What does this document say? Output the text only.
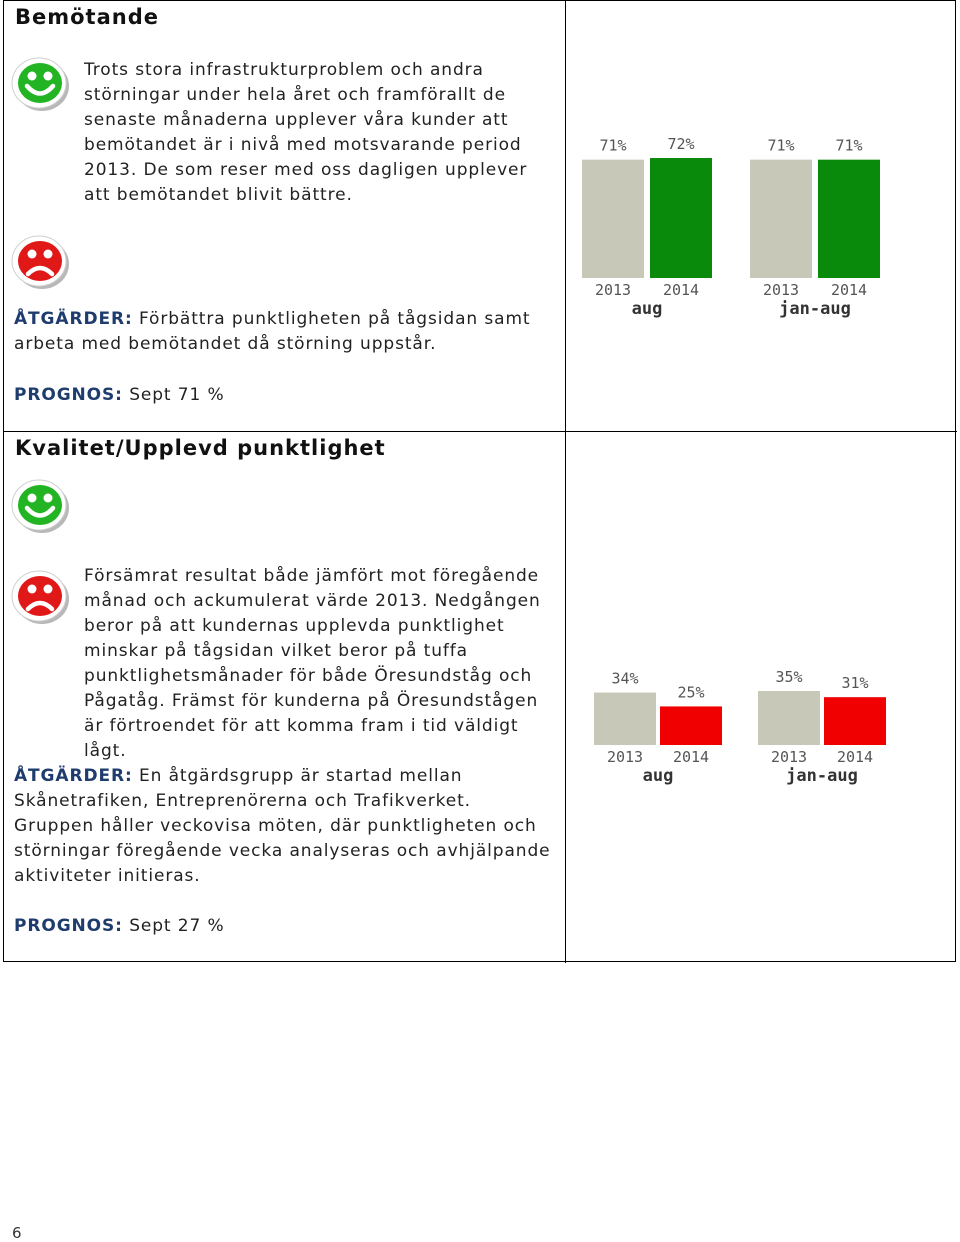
Bemötande

Trots stora infrastrukturproblem och andra störningar under hela året och framförallt de senaste månaderna upplever våra kunder att bemötandet är i nivå med motsvarande period 2013. De som reser med oss dagligen upplever att bemötandet blivit bättre.

ÅTGÄRDER: Förbättra punktligheten på tågsidan samt arbeta med bemötandet då störning uppstår.

PROGNOS: Sept 71 %

Kvalitet/Upplevd punktlighet

Försämrat resultat både jämfört mot föregående månad och ackumulerat värde 2013. Nedgången beror på att kundernas upplevda punktlighet minskar på tågsidan vilket beror på tuffa punktlighetsmånader för både Öresundståg och Pågatåg. Främst för kunderna på Öresundstågen är förtroendet för att komma fram i tid väldigt lågt.

ÅTGÄRDER: En åtgärdsgrupp är startad mellan Skånetrafiken, Entreprenörerna och Trafikverket. Gruppen håller veckovisa möten, där punktligheten och störningar föregående vecka analyseras och avhjälpande aktiviteter initieras.

PROGNOS: Sept 27 %

71%
2013
72%
2014
aug
71%
2013
71%
2014
jan-aug
34%
2013
25%
2014
aug
35%
2013
31%
2014
jan-aug
6
